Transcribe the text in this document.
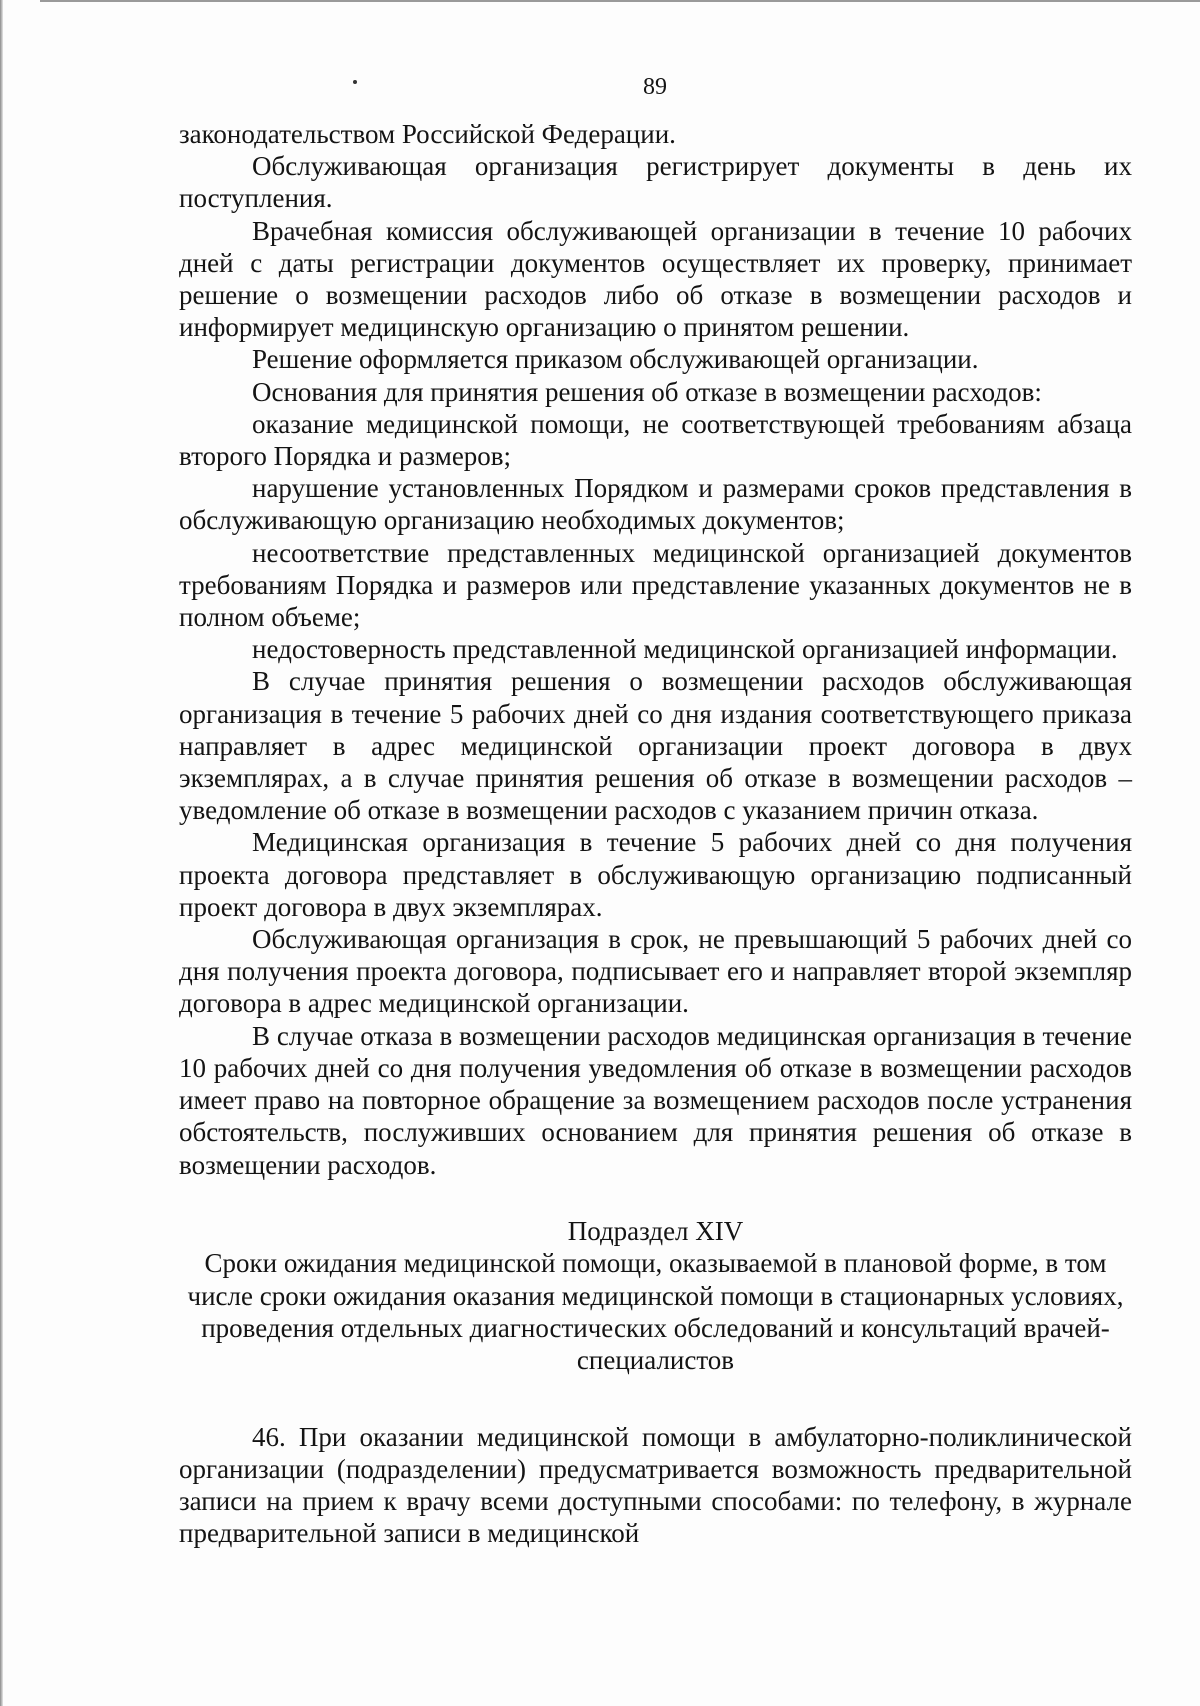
89

законодательством Российской Федерации.

Обслуживающая организация регистрирует документы в день их поступления.

Врачебная комиссия обслуживающей организации в течение 10 рабочих дней с даты регистрации документов осуществляет их проверку, принимает решение о возмещении расходов либо об отказе в возмещении расходов и информирует медицинскую организацию о принятом решении.

Решение оформляется приказом обслуживающей организации.

Основания для принятия решения об отказе в возмещении расходов:

оказание медицинской помощи, не соответствующей требованиям абзаца второго Порядка и размеров;

нарушение установленных Порядком и размерами сроков представления в обслуживающую организацию необходимых документов;

несоответствие представленных медицинской организацией документов требованиям Порядка и размеров или представление указанных документов не в полном объеме;

недостоверность представленной медицинской организацией информации.

В случае принятия решения о возмещении расходов обслуживающая организация в течение 5 рабочих дней со дня издания соответствующего приказа направляет в адрес медицинской организации проект договора в двух экземплярах, а в случае принятия решения об отказе в возмещении расходов – уведомление об отказе в возмещении расходов с указанием причин отказа.

Медицинская организация в течение 5 рабочих дней со дня получения проекта договора представляет в обслуживающую организацию подписанный проект договора в двух экземплярах.

Обслуживающая организация в срок, не превышающий 5 рабочих дней со дня получения проекта договора, подписывает его и направляет второй экземпляр договора в адрес медицинской организации.

В случае отказа в возмещении расходов медицинская организация в течение 10 рабочих дней со дня получения уведомления об отказе в возмещении расходов имеет право на повторное обращение за возмещением расходов после устранения обстоятельств, послуживших основанием для принятия решения об отказе в возмещении расходов.

Подраздел XIV
Сроки ожидания медицинской помощи, оказываемой в плановой форме, в том числе сроки ожидания оказания медицинской помощи в стационарных условиях, проведения отдельных диагностических обследований и консультаций врачей-специалистов

46. При оказании медицинской помощи в амбулаторно-поликлинической организации (подразделении) предусматривается возможность предварительной записи на прием к врачу всеми доступными способами: по телефону, в журнале предварительной записи в медицинской
